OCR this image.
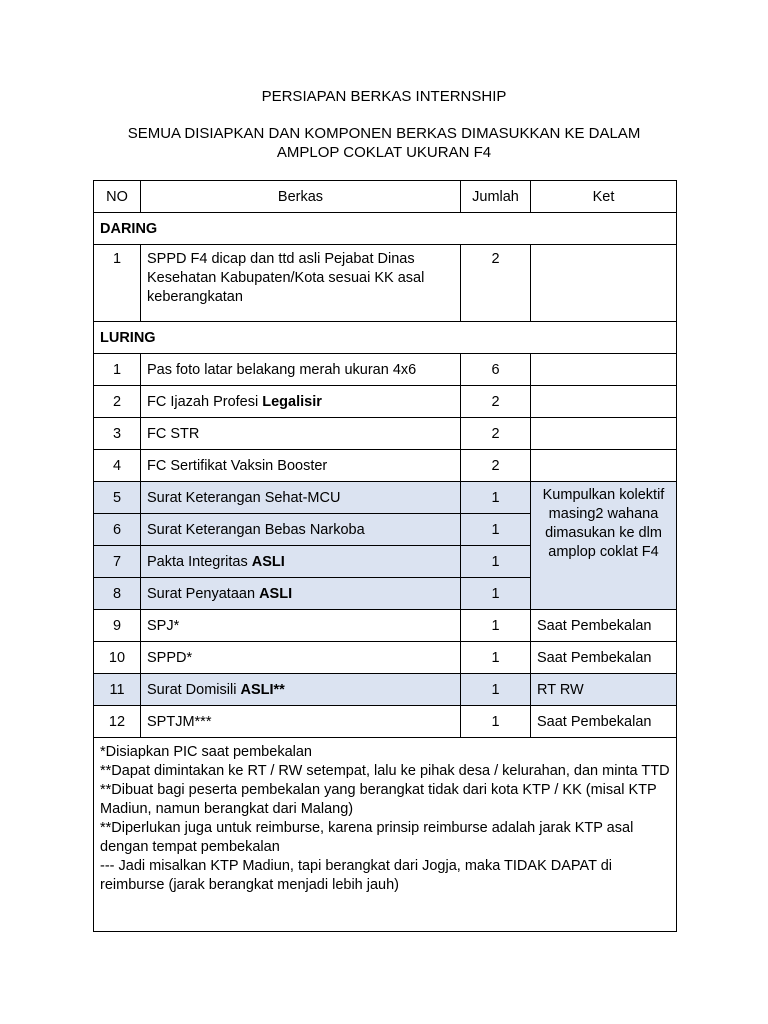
PERSIAPAN BERKAS INTERNSHIP
SEMUA DISIAPKAN DAN KOMPONEN BERKAS DIMASUKKAN KE DALAM
AMPLOP COKLAT UKURAN F4
NO	Berkas	Jumlah	Ket
DARING			
1	SPPD F4 dicap dan ttd asli Pejabat Dinas Kesehatan Kabupaten/Kota sesuai KK asal keberangkatan	2	
LURING			
1	Pas foto latar belakang merah ukuran 4x6	6	
2	FC Ijazah Profesi Legalisir	2	
3	FC STR	2	
4	FC Sertifikat Vaksin Booster	2	
5	Surat Keterangan Sehat-MCU	1	Kumpulkan kolektif masing2 wahana dimasukan ke dlm amplop coklat F4
6	Surat Keterangan Bebas Narkoba	1	
7	Pakta Integritas ASLI	1	
8	Surat Penyataan ASLI	1	
9	SPJ*	1	Saat Pembekalan
10	SPPD*	1	Saat Pembekalan
11	Surat Domisili ASLI**	1	RT RW
12	SPTJM***	1	Saat Pembekalan

*Disiapkan PIC saat pembekalan
**Dapat dimintakan ke RT / RW setempat, lalu ke pihak desa / kelurahan, dan minta TTD
**Dibuat bagi peserta pembekalan yang berangkat tidak dari kota KTP / KK (misal KTP Madiun, namun berangkat dari Malang)
**Diperlukan juga untuk reimburse, karena prinsip reimburse adalah jarak KTP asal dengan tempat pembekalan
--- Jadi misalkan KTP Madiun, tapi berangkat dari Jogja, maka TIDAK DAPAT di reimburse (jarak berangkat menjadi lebih jauh)			
